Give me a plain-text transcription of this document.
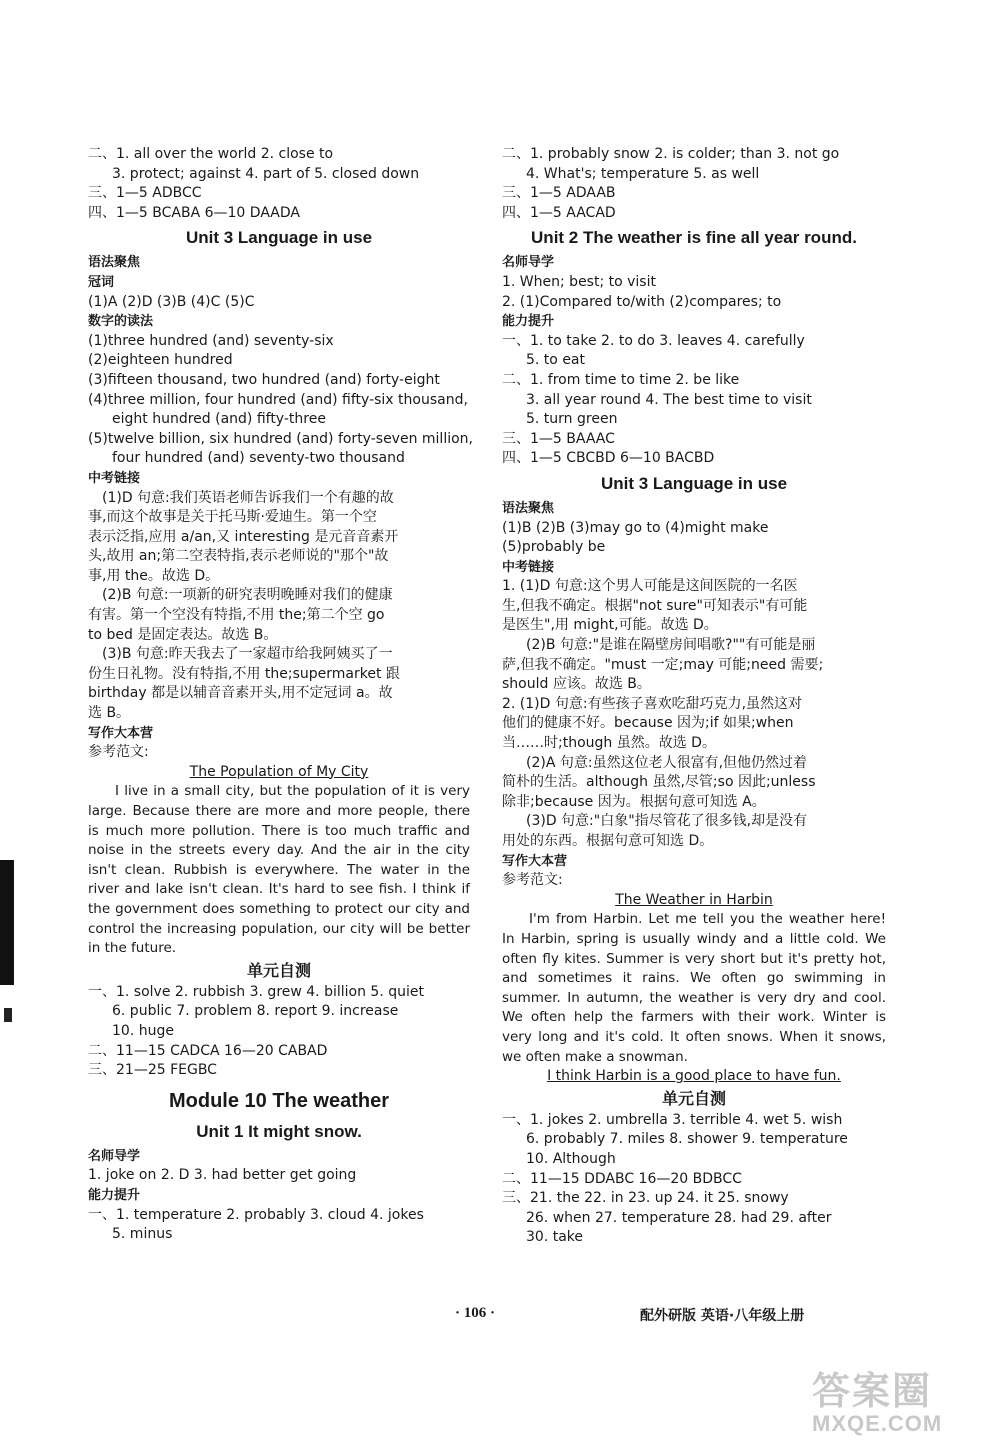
二、1. all over the world 2. close to
3. protect; against 4. part of 5. closed down
三、1—5 ADBCC
四、1—5 BCABA 6—10 DAADA
Unit 3 Language in use
语法聚焦
冠词
(1)A (2)D (3)B (4)C (5)C
数字的读法
(1)three hundred (and) seventy-six
(2)eighteen hundred
(3)fifteen thousand, two hundred (and) forty-eight
(4)three million, four hundred (and) fifty-six thousand,
eight hundred (and) fifty-three
(5)twelve billion, six hundred (and) forty-seven million,
four hundred (and) seventy-two thousand
中考链接
(1)D 句意:我们英语老师告诉我们一个有趣的故
事,而这个故事是关于托马斯·爱迪生。第一个空
表示泛指,应用 a/an,又 interesting 是元音音素开
头,故用 an;第二空表特指,表示老师说的"那个"故
事,用 the。故选 D。
(2)B 句意:一项新的研究表明晚睡对我们的健康
有害。第一个空没有特指,不用 the;第二个空 go
to bed 是固定表达。故选 B。
(3)B 句意:昨天我去了一家超市给我阿姨买了一
份生日礼物。没有特指,不用 the;supermarket 跟
birthday 都是以辅音音素开头,用不定冠词 a。故
选 B。
写作大本营
参考范文:
The Population of My City
I live in a small city, but the population of it is very large. Because there are more and more people, there is much more pollution. There is too much traffic and noise in the streets every day. And the air in the city isn't clean. Rubbish is everywhere. The water in the river and lake isn't clean. It's hard to see fish. I think if the government does something to protect our city and control the increasing population, our city will be better in the future.
单元自测
一、1. solve 2. rubbish 3. grew 4. billion 5. quiet
6. public 7. problem 8. report 9. increase
10. huge
二、11—15 CADCA 16—20 CABAD
三、21—25 FEGBC
Module 10 The weather
Unit 1 It might snow.
名师导学
1. joke on 2. D 3. had better get going
能力提升
一、1. temperature 2. probably 3. cloud 4. jokes
5. minus
二、1. probably snow 2. is colder; than 3. not go
4. What's; temperature 5. as well
三、1—5 ADAAB
四、1—5 AACAD
Unit 2 The weather is fine all year round.
名师导学
1. When; best; to visit
2. (1)Compared to/with (2)compares; to
能力提升
一、1. to take 2. to do 3. leaves 4. carefully
5. to eat
二、1. from time to time 2. be like
3. all year round 4. The best time to visit
5. turn green
三、1—5 BAAAC
四、1—5 CBCBD 6—10 BACBD
Unit 3 Language in use
语法聚焦
(1)B (2)B (3)may go to (4)might make
(5)probably be
中考链接
1. (1)D 句意:这个男人可能是这间医院的一名医
生,但我不确定。根据"not sure"可知表示"有可能
是医生",用 might,可能。故选 D。
(2)B 句意:"是谁在隔壁房间唱歌?""有可能是丽
萨,但我不确定。"must 一定;may 可能;need 需要;
should 应该。故选 B。
2. (1)D 句意:有些孩子喜欢吃甜巧克力,虽然这对
他们的健康不好。because 因为;if 如果;when
当……时;though 虽然。故选 D。
(2)A 句意:虽然这位老人很富有,但他仍然过着
简朴的生活。although 虽然,尽管;so 因此;unless
除非;because 因为。根据句意可知选 A。
(3)D 句意:"白象"指尽管花了很多钱,却是没有
用处的东西。根据句意可知选 D。
写作大本营
参考范文:
The Weather in Harbin
I'm from Harbin. Let me tell you the weather here! In Harbin, spring is usually windy and a little cold. We often fly kites. Summer is very short but it's pretty hot, and sometimes it rains. We often go swimming in summer. In autumn, the weather is very dry and cool. We often help the farmers with their work. Winter is very long and it's cold. It often snows. When it snows, we often make a snowman.
I think Harbin is a good place to have fun.
单元自测
一、1. jokes 2. umbrella 3. terrible 4. wet 5. wish
6. probably 7. miles 8. shower 9. temperature
10. Although
二、11—15 DDABC 16—20 BDBCC
三、21. the 22. in 23. up 24. it 25. snowy
26. when 27. temperature 28. had 29. after
30. take
· 106 ·	配外研版 英语·八年级上册
答案圈
MXQE.COM
